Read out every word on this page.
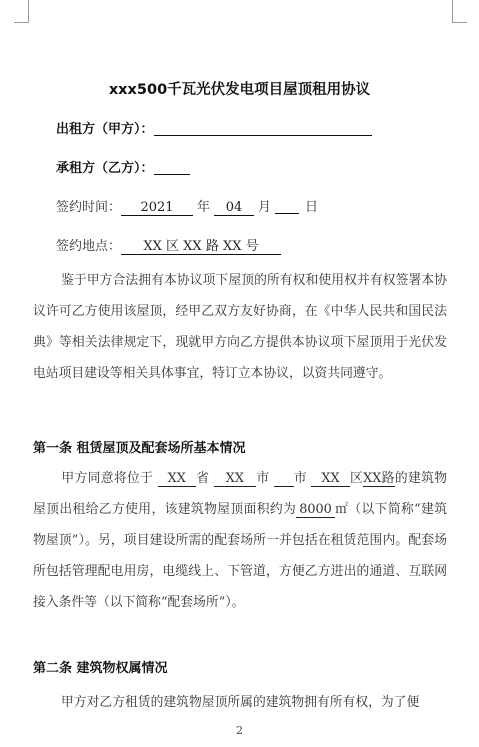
xxx500千瓦光伏发电项目屋顶租用协议
出租方（甲方）：
承租方（乙方）：
签约时间： 2021 年 04 月	日
签约地点： XX 区 XX 路 XX 号
鉴于甲方合法拥有本协议项下屋顶的所有权和使用权并有权签署本协议许可乙方使用该屋顶，经甲乙双方友好协商，在《中华人民共和国民法典》等相关法律规定下，现就甲方向乙方提供本协议项下屋顶用于光伏发电站项目建设等相关具体事宜，特订立本协议，以资共同遵守。
第一条 租赁屋顶及配套场所基本情况
甲方同意将位于 XX 省 XX 市 市 XX 区XX路的建筑物屋顶出租给乙方使用，该建筑物屋顶面积约为 8000 ㎡（以下简称“建筑物屋顶”）。另，项目建设所需的配套场所一并包括在租赁范围内。配套场所包括管理配电用房，电缆线上、下管道，方便乙方进出的通道、互联网接入条件等（以下简称“配套场所”）。
第二条 建筑物权属情况
甲方对乙方租赁的建筑物屋顶所属的建筑物拥有所有权，为了便
2
